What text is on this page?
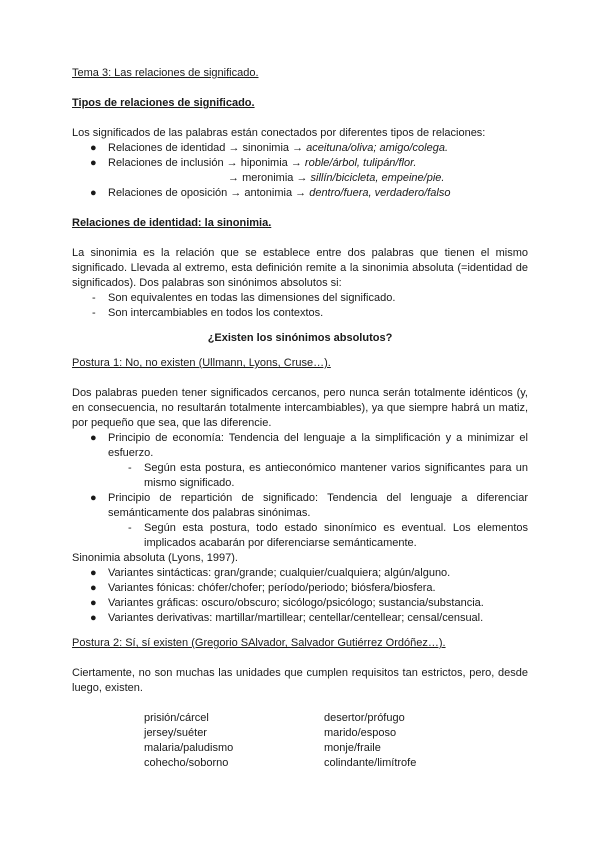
Tema 3: Las relaciones de significado.
Tipos de relaciones de significado.
Los significados de las palabras están conectados por diferentes tipos de relaciones:
● Relaciones de identidad → sinonimia → aceituna/oliva; amigo/colega.
● Relaciones de inclusión → hiponimia → roble/árbol, tulipán/flor.
→ meronimia → sillín/bicicleta, empeine/pie.
● Relaciones de oposición → antonimia → dentro/fuera, verdadero/falso
Relaciones de identidad: la sinonimia.
La sinonimia es la relación que se establece entre dos palabras que tienen el mismo
significado. Llevada al extremo, esta definición remite a la sinonimia absoluta (=identidad de
significados). Dos palabras son sinónimos absolutos si:
- Son equivalentes en todas las dimensiones del significado.
- Son intercambiables en todos los contextos.
¿Existen los sinónimos absolutos?
Postura 1: No, no existen (Ullmann, Lyons, Cruse…).
Dos palabras pueden tener significados cercanos, pero nunca serán totalmente idénticos (y,
en consecuencia, no resultarán totalmente intercambiables), ya que siempre habrá un matiz,
por pequeño que sea, que las diferencie.
● Principio de economía: Tendencia del lenguaje a la simplificación y a minimizar el
esfuerzo.
- Según esta postura, es antieconómico mantener varios significantes para un
mismo significado.
● Principio de repartición de significado: Tendencia del lenguaje a diferenciar
semánticamente dos palabras sinónimas.
- Según esta postura, todo estado sinonímico es eventual. Los elementos
implicados acabarán por diferenciarse semánticamente.
Sinonimia absoluta (Lyons, 1997).
● Variantes sintácticas: gran/grande; cualquier/cualquiera; algún/alguno.
● Variantes fónicas: chófer/chofer; período/periodo; biósfera/biosfera.
● Variantes gráficas: oscuro/obscuro; sicólogo/psicólogo; sustancia/substancia.
● Variantes derivativas: martillar/martillear; centellar/centellear; censal/censual.
Postura 2: Sí, sí existen (Gregorio SAlvador, Salvador Gutiérrez Ordóñez…).
Ciertamente, no son muchas las unidades que cumplen requisitos tan estrictos, pero, desde
luego, existen.
prisión/cárcel
jersey/suéter
malaria/paludismo
cohecho/soborno
desertor/prófugo
marido/esposo
monje/fraile
colindante/limítrofe
